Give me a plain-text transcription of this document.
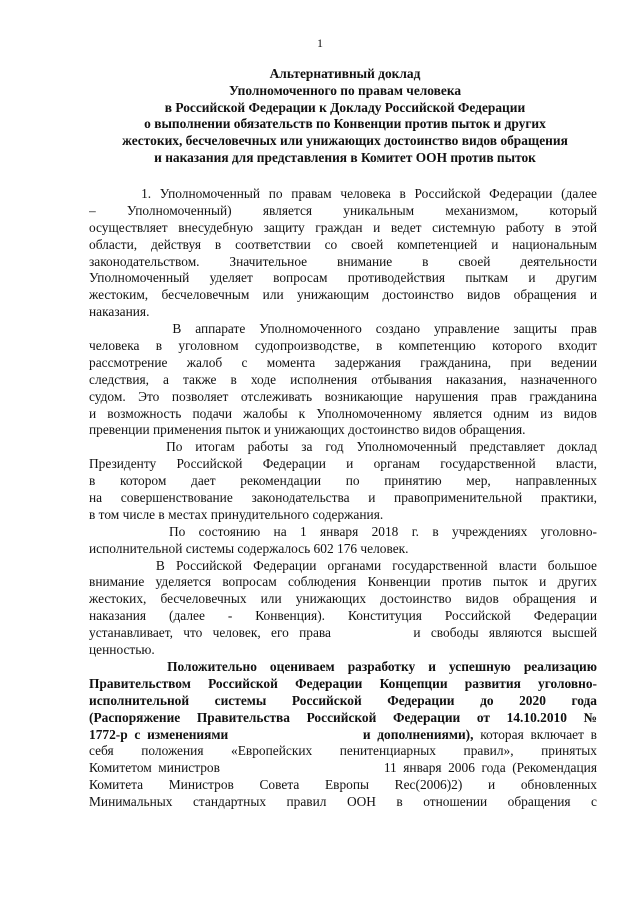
1
Альтернативный доклад
Уполномоченного по правам человека
в Российской Федерации к Докладу Российской Федерации
о выполнении обязательств по Конвенции против пыток и других
жестоких, бесчеловечных или унижающих достоинство видов обращения
и наказания для представления в Комитет ООН против пыток
1. Уполномоченный по правам человека в Российской Федерации (далее
–  Уполномоченный)  является  уникальным  механизмом,  который
осуществляет внесудебную защиту граждан и ведет системную работу в этой
области, действуя в соответствии со своей компетенцией и национальным
законодательством.   Значительное   внимание   в   своей   деятельности
Уполномоченный уделяет вопросам противодействия пыткам и другим
жестоким, бесчеловечным или унижающим достоинство видов обращения и
наказания.
В аппарате Уполномоченного создано управление защиты прав
человека в уголовном судопроизводстве, в компетенцию которого входит
рассмотрение жалоб с момента задержания гражданина, при ведении
следствия, а также в ходе исполнения отбывания наказания, назначенного
судом. Это позволяет отслеживать возникающие нарушения прав гражданина
и возможность подачи жалобы к Уполномоченному является одним из видов
превенции применения пыток и унижающих достоинство видов обращения.
По итогам работы за год Уполномоченный представляет доклад
Президенту Российской Федерации и органам государственной власти,
в  котором  дает  рекомендации  по  принятию  мер,  направленных
на совершенствование законодательства и правоприменительной практики,
в том числе в местах принудительного содержания.
По состоянию на 1 января 2018 г. в учреждениях уголовно-
исполнительной системы содержалось 602 176 человек.
В Российской Федерации органами государственной власти большое
внимание уделяется вопросам соблюдения Конвенции против пыток и других
жестоких, бесчеловечных или унижающих достоинство видов обращения и
наказания (далее - Конвенция). Конституция Российской Федерации
устанавливает, что человек, его права        и свободы являются высшей
ценностью.
Положительно оцениваем разработку и успешную реализацию
Правительством Российской Федерации Концепции развития уголовно-
исполнительной системы Российской Федерации до 2020 года
(Распоряжение Правительства Российской Федерации от 14.10.2010 №
1772-р с изменениями                    и дополнениями), которая включает в
себя положения «Европейских пенитенциарных правил», принятых
Комитетом министров                         11 января 2006 года (Рекомендация
Комитета Министров Совета Европы Rec(2006)2) и обновленных
Минимальных стандартных правил ООН в отношении обращения с
